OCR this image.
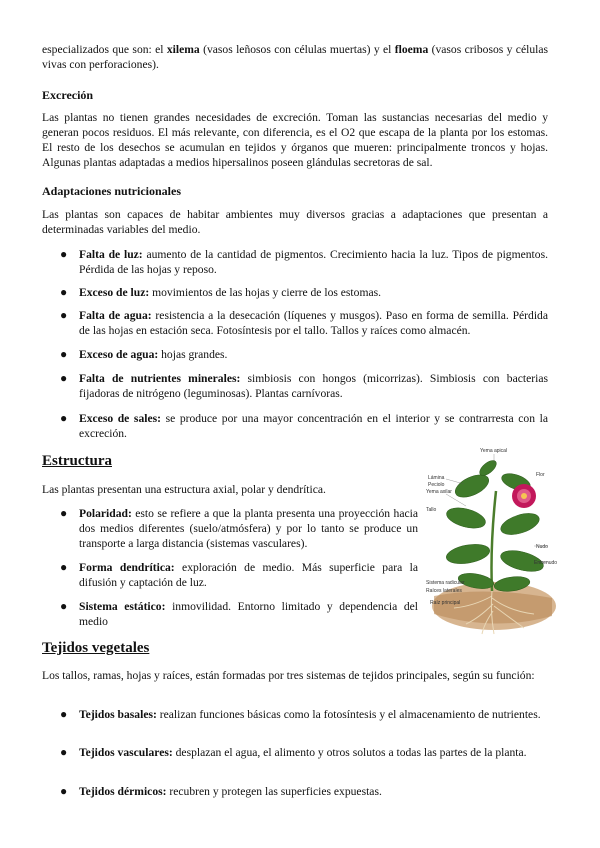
especializados que son: el xilema (vasos leñosos con células muertas) y el floema (vasos cribosos y células vivas con perforaciones).

Excreción

Las plantas no tienen grandes necesidades de excreción. Toman las sustancias necesarias del medio y generan pocos residuos. El más relevante, con diferencia, es el O2 que escapa de la planta por los estomas. El resto de los desechos se acumulan en tejidos y órganos que mueren: principalmente troncos y hojas. Algunas plantas adaptadas a medios hipersalinos poseen glándulas secretoras de sal.

Adaptaciones nutricionales

Las plantas son capaces de habitar ambientes muy diversos gracias a adaptaciones que presentan a determinadas variables del medio.

●	Falta de luz: aumento de la cantidad de pigmentos. Crecimiento hacia la luz. Tipos de pigmentos. Pérdida de las hojas y reposo.
●	Exceso de luz: movimientos de las hojas y cierre de los estomas.
●	Falta de agua: resistencia a la desecación (líquenes y musgos). Paso en forma de semilla. Pérdida de las hojas en estación seca. Fotosíntesis por el tallo. Tallos y raíces como almacén.
●	Exceso de agua: hojas grandes.
●	Falta de nutrientes minerales: simbiosis con hongos (micorrizas). Simbiosis con bacterias fijadoras de nitrógeno (leguminosas). Plantas carnívoras.
●	Exceso de sales: se produce por una mayor concentración en el interior y se contrarresta con la excreción.
Estructura

Las plantas presentan una estructura axial, polar y dendrítica.

●	Polaridad: esto se refiere a que la planta presenta una proyección hacia dos medios diferentes (suelo/atmósfera) y por lo tanto se produce un transporte a larga distancia (sistemas vasculares).
●	Forma dendrítica: exploración de medio. Más superficie para la difusión y captación de luz.
●	Sistema estático: inmovilidad. Entorno limitado y dependencia del medio
Yema apical
Lámina
Peciolo
Yema axilar
Tallo
Flor
Nudo
Entrenudo
Sistema radicular
Raíz principal
Raíces laterales
Tejidos vegetales

Los tallos, ramas, hojas y raíces, están formadas por tres sistemas de tejidos principales, según su función:

●	Tejidos basales: realizan funciones básicas como la fotosíntesis y el almacenamiento de nutrientes.
●	Tejidos vasculares: desplazan el agua, el alimento y otros solutos a todas las partes de la planta.
●	Tejidos dérmicos: recubren y protegen las superficies expuestas.
